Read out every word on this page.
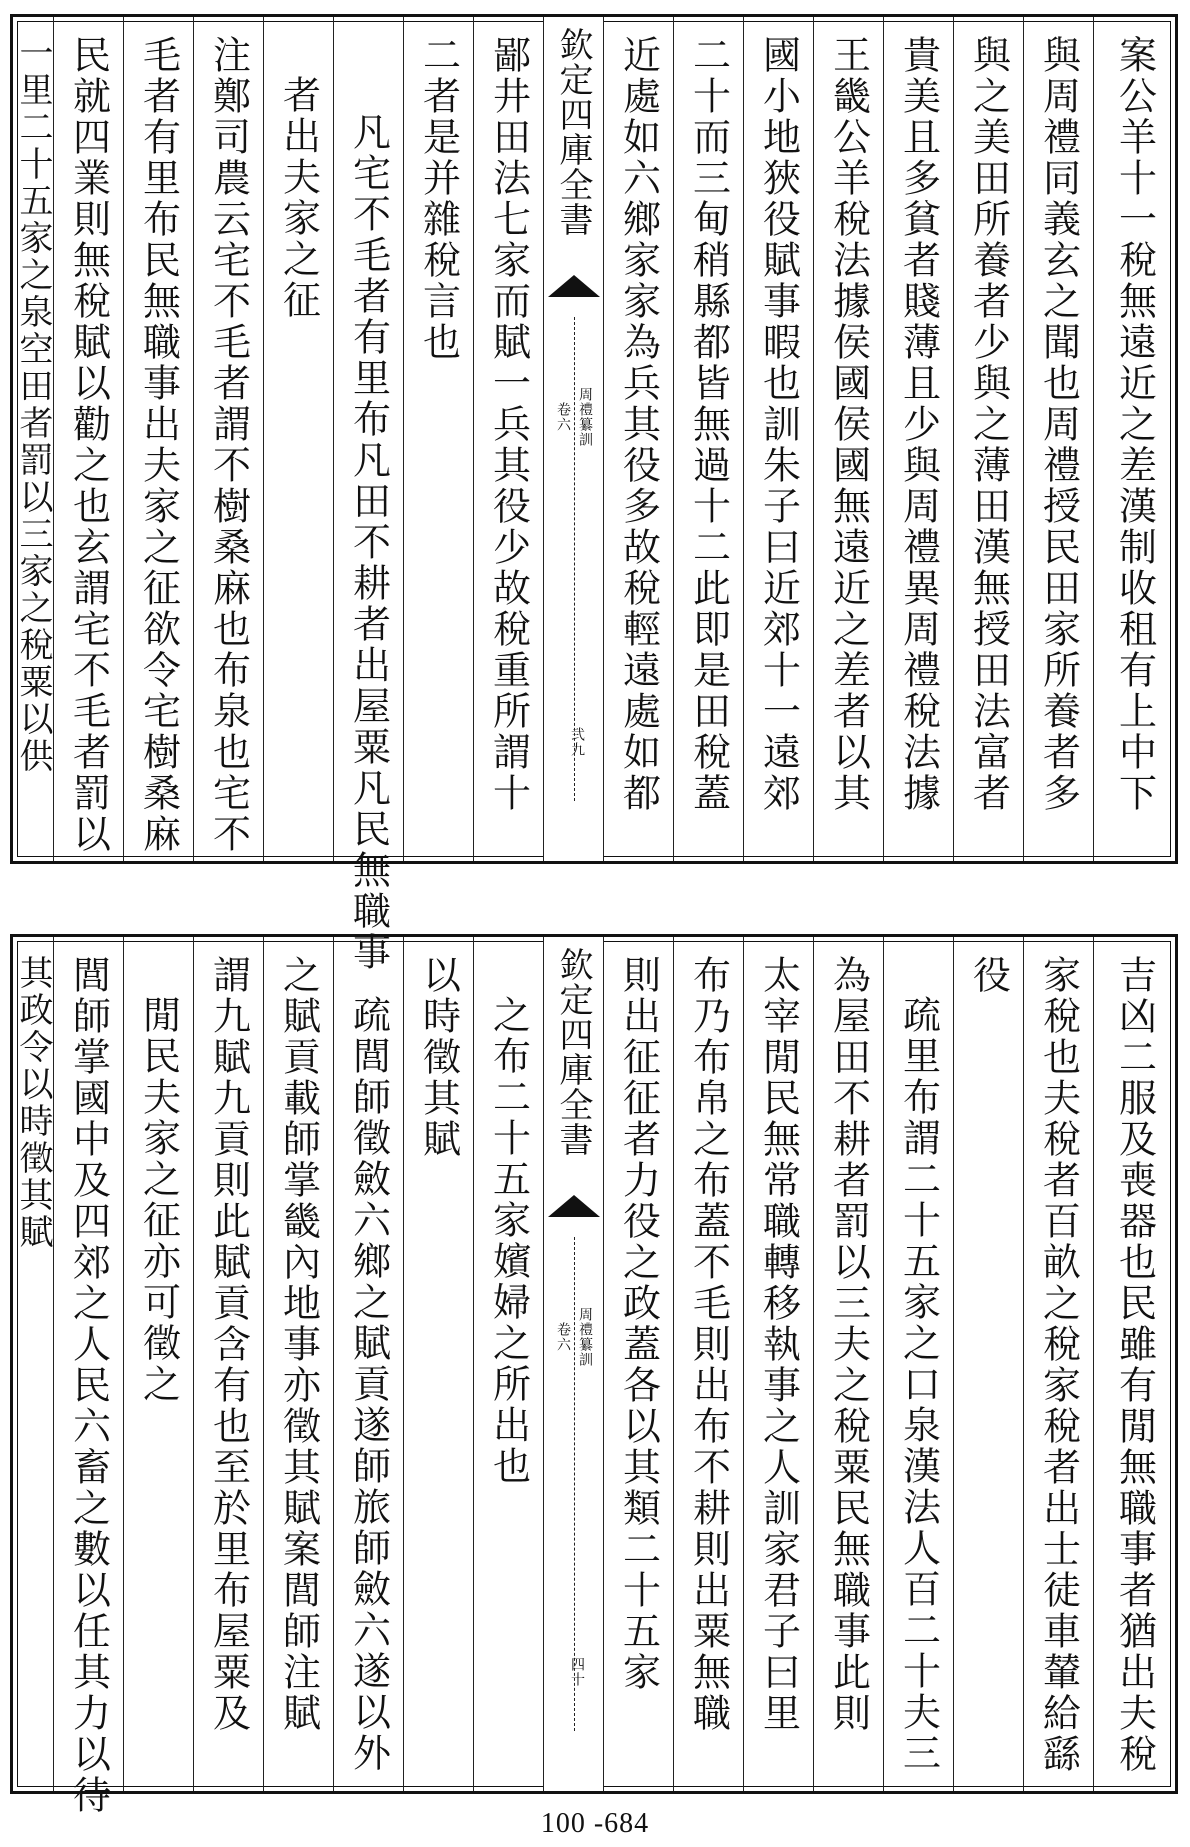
案公羊十一稅無遠近之差漢制收租有上中下
與周禮同義玄之聞也周禮授民田家所養者多
與之美田所養者少與之薄田漢無授田法富者
貴美且多貧者賤薄且少與周禮異周禮稅法據
王畿公羊稅法據侯國侯國無遠近之差者以其
國小地狹役賦事暇也訓朱子曰近郊十一遠郊
二十而三甸稍縣都皆無過十二此即是田稅蓋
近處如六鄉家家為兵其役多故稅輕遠處如都
欽定四庫全書
周禮纂訓
卷六
弐九
鄙井田法七家而賦一兵其役少故稅重所謂十
二者是并雜稅言也
凡宅不毛者有里布凡田不耕者出屋粟凡民無職事
者出夫家之征
注鄭司農云宅不毛者謂不樹桑麻也布泉也宅不
毛者有里布民無職事出夫家之征欲令宅樹桑麻
民就四業則無稅賦以勸之也玄謂宅不毛者罰以
一里二十五家之泉空田者罰以三家之稅粟以供
吉凶二服及喪器也民雖有閒無職事者猶出夫稅
家稅也夫稅者百畝之稅家稅者出士徒車輦給繇
役
疏里布謂二十五家之口泉漢法人百二十夫三
為屋田不耕者罰以三夫之稅粟民無職事此則
太宰閒民無常職轉移執事之人訓家君子曰里
布乃布帛之布蓋不毛則出布不耕則出粟無職
則出征征者力役之政蓋各以其類二十五家
欽定四庫全書
周禮纂訓
卷六
四十
之布二十五家嬪婦之所出也
以時徵其賦
疏閭師徵斂六鄉之賦貢遂師旅師斂六遂以外
之賦貢載師掌畿內地事亦徵其賦案閭師注賦
謂九賦九貢則此賦貢含有也至於里布屋粟及
閒民夫家之征亦可徵之
閭師掌國中及四郊之人民六畜之數以任其力以待
其政令以時徵其賦
100 -684
